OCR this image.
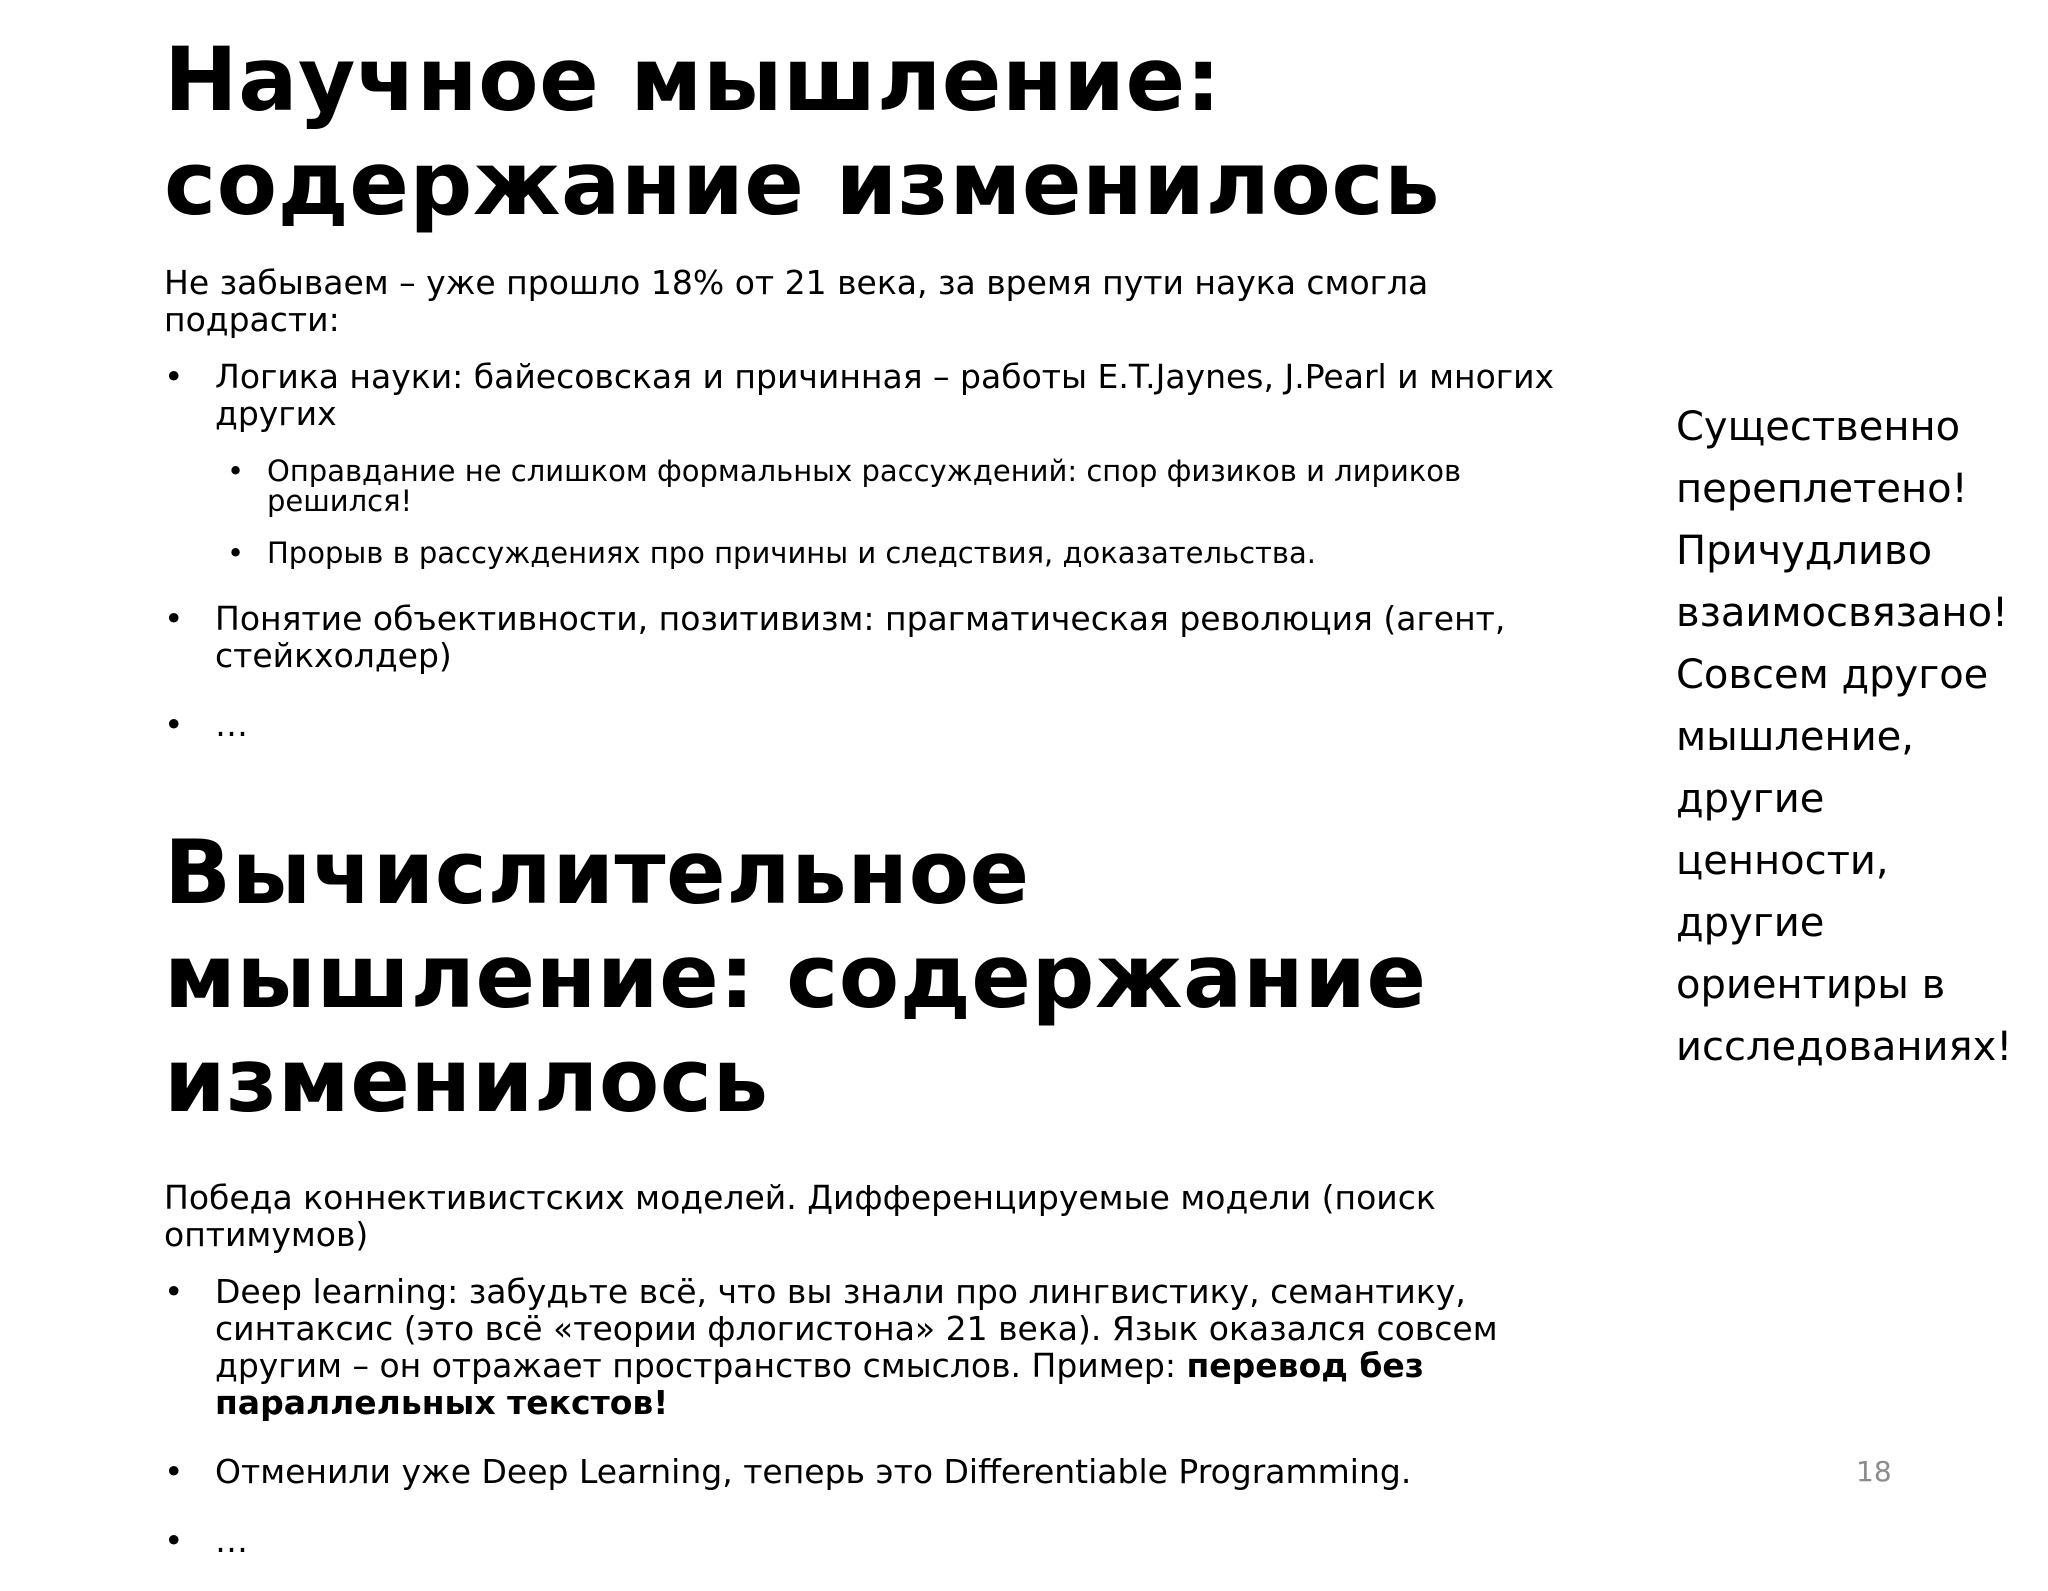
Научное мышление:
содержание изменилось

Не забываем – уже прошло 18% от 21 века, за время пути наука смогла подрасти:

• Логика науки: байесовская и причинная – работы E.T.Jaynes, J.Pearl и многих других
• Оправдание не слишком формальных рассуждений: спор физиков и лириков решился!
• Прорыв в рассуждениях про причины и следствия, доказательства.
• Понятие объективности, позитивизм: прагматическая революция (агент, стейкхолдер)
• …
Вычислительное
мышление: содержание
изменилось

Победа коннективистских моделей. Дифференцируемые модели (поиск оптимумов)

• Deep learning: забудьте всё, что вы знали про лингвистику, семантику, синтаксис (это всё «теории флогистона» 21 века). Язык оказался совсем другим – он отражает пространство смыслов. Пример: перевод без параллельных текстов!
• Отменили уже Deep Learning, теперь это Differentiable Programming.
• …
Существенно
переплетено!
Причудливо
взаимосвязано!
Совсем другое
мышление,
другие
ценности,
другие
ориентиры в
исследованиях!
18
